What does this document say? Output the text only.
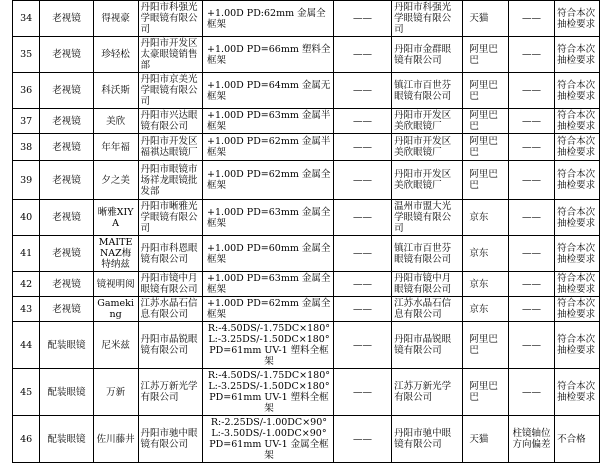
34	老视镜	得视豪	丹阳市科强光学眼镜有限公司	+1.00D PD:62mm 金属全框架	——	丹阳市科强光学眼镜有限公司	天猫	——	符合本次抽检要求
35	老视镜	珍轻松	丹阳市开发区太豪眼镜销售部	+1.00D PD=66mm 塑料全框架	——	丹阳市金群眼镜有限公司	阿里巴巴	——	符合本次抽检要求
36	老视镜	科沃斯	丹阳市京美光学眼镜有限公司	+1.00D PD=64mm 金属无框架	——	镇江市百世芬眼镜有限公司	阿里巴巴	——	符合本次抽检要求
37	老视镜	美欣	丹阳市兴达眼镜有限公司	+1.00D PD=63mm 金属半框架	——	丹阳市开发区美欣眼镜厂	阿里巴巴	——	符合本次抽检要求
38	老视镜	年年福	丹阳市开发区福祺达眼镜厂	+1.00D PD=62mm 金属半框架	——	丹阳市开发区美欣眼镜厂	阿里巴巴	——	符合本次抽检要求
39	老视镜	夕之美	丹阳市眼镜市场祥龙眼镜批发部	+1.00D PD=62mm 金属全框架	——	丹阳市开发区美欣眼镜厂	阿里巴巴	——	符合本次抽检要求
40	老视镜	晰雅XIYA	丹阳市晰雅光学眼镜有限公司	+1.00D PD=63mm 金属全框架	——	温州市盟大光学眼镜有限公司	京东	——	符合本次抽检要求
41	老视镜	MAITENAZ梅特纳兹	丹阳市科恩眼镜有限公司	+1.00D PD=60mm 金属全框架	——	镇江市百世芬眼镜有限公司	京东	——	符合本次抽检要求
42	老视镜	镜视明阅	丹阳市镜中月眼镜有限公司	+1.00D PD=63mm 金属全框架	——	丹阳市镜中月眼镜有限公司	京东	——	符合本次抽检要求
43	老视镜	Gameking	江苏水晶石信息有限公司	+1.00D PD=62mm 金属全框架	——	江苏水晶石信息有限公司	京东	——	符合本次抽检要求
44	配装眼镜	尼米兹	丹阳市晶锐眼镜有限公司	R:-4.50DS/-1.75DC×180°L:-3.25DS/-1.50DC×180°PD=61mm UV-1 塑料全框架	——	丹阳市晶锐眼镜有限公司	阿里巴巴	——	符合本次抽检要求
45	配装眼镜	万新	江苏万新光学有限公司	R:-4.50DS/-1.75DC×180°L:-3.25DS/-1.50DC×180°PD=61mm UV-1 塑料全框架	——	江苏万新光学有限公司	阿里巴巴	——	符合本次抽检要求
46	配装眼镜	佐川藤井	丹阳市驰中眼镜有限公司	R:-2.25DS/-1.00DC×90° L:-3.50DS/-1.00DC×90° PD=61mm UV-1 金属全框架	——	丹阳市驰中眼镜有限公司	天猫	柱镜轴位方向偏差	不合格
